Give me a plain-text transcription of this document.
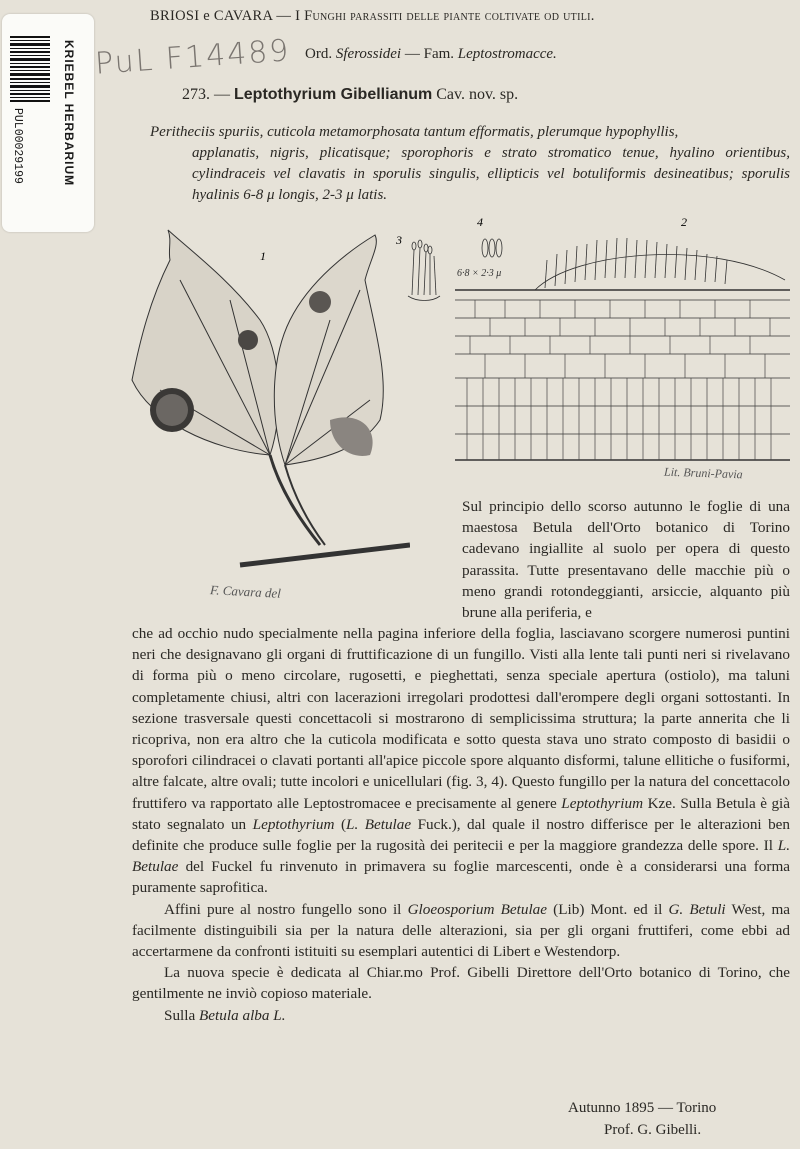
BRIOSI e CAVARA — I Funghi parassiti delle piante coltivate od utili.
Ord. Sferossidei — Fam. Leptostromacce.
273. — Leptothyrium Gibellianum Cav. nov. sp.
Peritheciis spuriis, cuticola metamorphosata tantum efformatis, plerumque hypophyllis,
applanatis, nigris, plicatisque; sporophoris e strato stromatico tenue, hyalino orientibus, cylindraceis vel clavatis in sporulis singulis, ellipticis vel botuliformis desineatibus; sporulis hyalinis 6-8 μ longis, 2-3 μ latis.
KRIEBEL HERBARIUM
PUL00029199
PuL F14489
1
3
4	2
6·8 × 2·3 μ
F. Cavara del
Lit. Bruni-Pavia
Sul principio dello scorso autunno le foglie di una maestosa Betula dell'Orto botanico di Torino cadevano ingiallite al suolo per opera di questo parassita. Tutte presentavano delle macchie più o meno grandi rotondeggianti, arsiccie, alquanto più brune alla periferia, e

che ad occhio nudo specialmente nella pagina inferiore della foglia, lasciavano scorgere numerosi puntini neri che designavano gli organi di fruttificazione di un fungillo. Visti alla lente tali punti neri si rivelavano di forma più o meno circolare, rugosetti, e pieghettati, senza speciale apertura (ostiolo), ma taluni completamente chiusi, altri con lacerazioni irregolari prodottesi dall'erompere degli organi sottostanti. In sezione trasversale questi concettacoli si mostrarono di semplicissima struttura; la parte annerita che li ricopriva, non era altro che la cuticola modificata e sotto questa stava uno strato composto di basidii o sporofori cilindracei o clavati portanti all'apice piccole spore alquanto disformi, talune ellitiche o fusiformi, altre falcate, altre ovali; tutte incolori e unicellulari (fig. 3, 4). Questo fungillo per la natura del concettacolo fruttifero va rapportato alle Leptostromacee e precisamente al genere Leptothyrium Kze. Sulla Betula è già stato segnalato un Leptothyrium (L. Betulae Fuck.), dal quale il nostro differisce per le alterazioni ben definite che produce sulle foglie per la rugosità dei peritecii e per la maggiore grandezza delle spore. Il L. Betulae del Fuckel fu rinvenuto in primavera su foglie marcescenti, onde è a considerarsi una forma puramente saprofitica.

Affini pure al nostro fungello sono il Gloeosporium Betulae (Lib) Mont. ed il G. Betuli West, ma facilmente distinguibili sia per la natura delle alterazioni, sia per gli organi fruttiferi, come ebbi ad accertarmene da confronti istituiti su esemplari autentici di Libert e Westendorp.

La nuova specie è dedicata al Chiar.mo Prof. Gibelli Direttore dell'Orto botanico di Torino, che gentilmente ne inviò copioso materiale.

Sulla Betula alba L.

Autunno 1895 — Torino
Prof. G. Gibelli.
